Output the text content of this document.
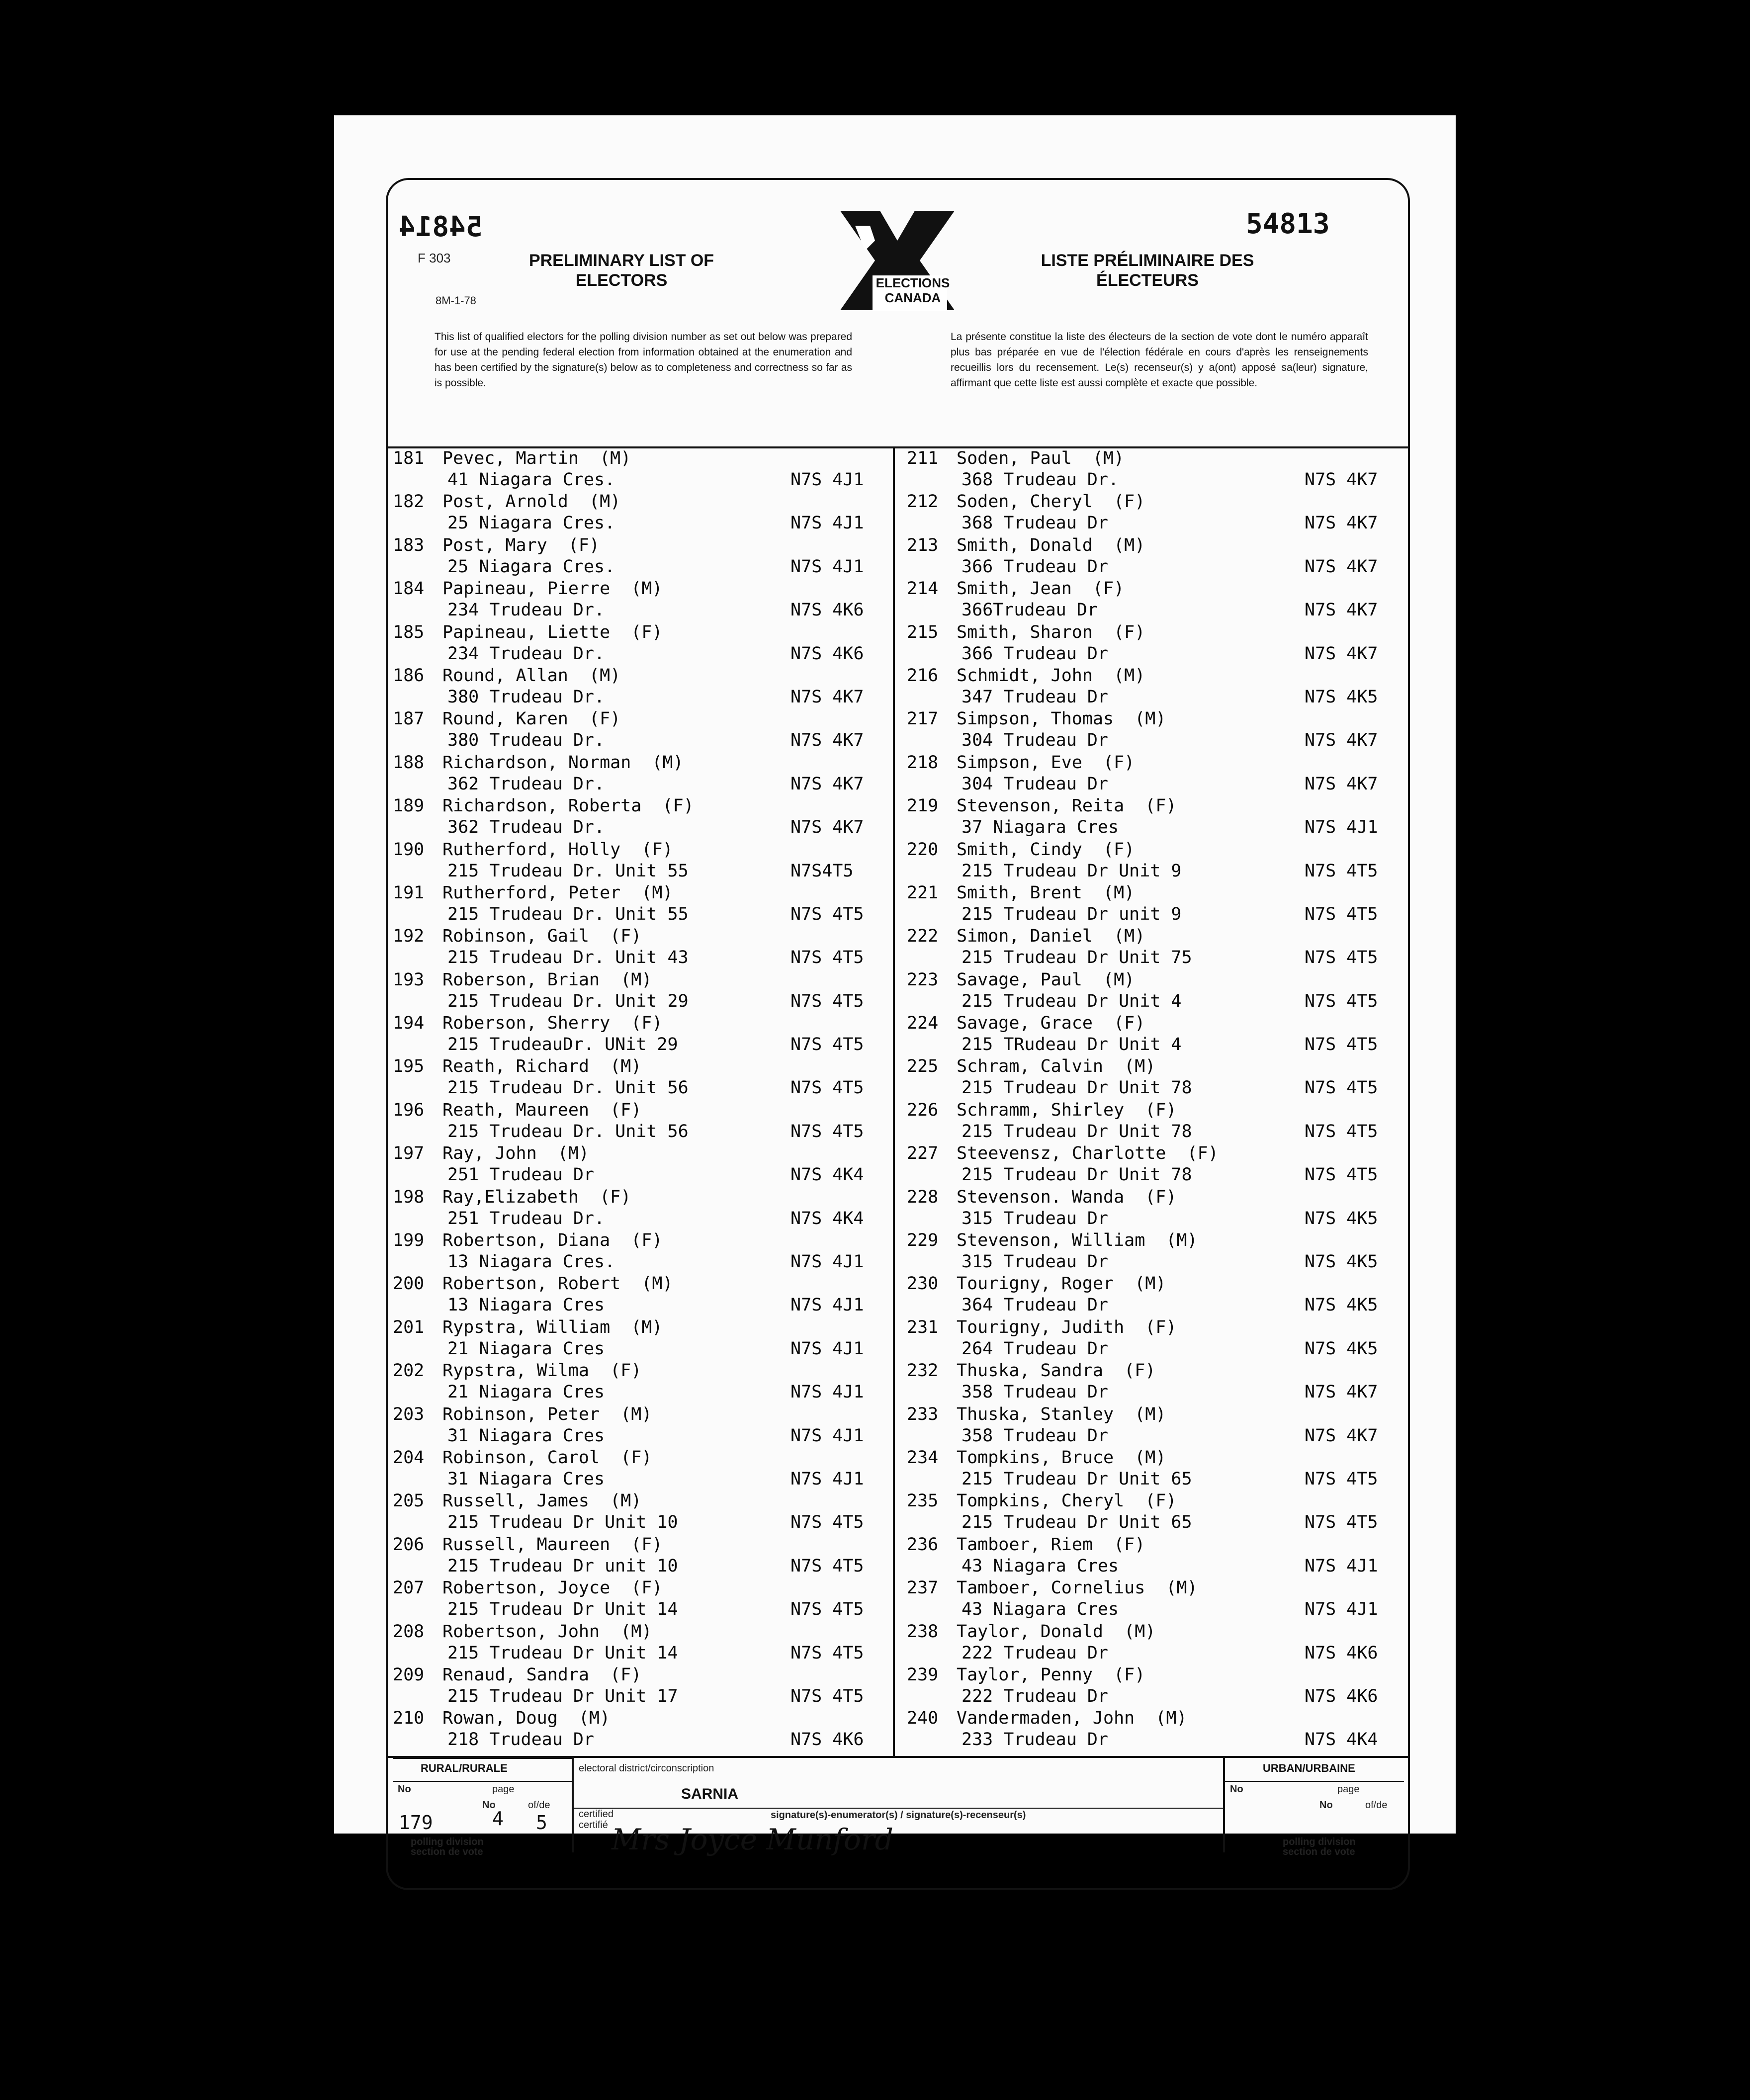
54814
F 303
8M-1-78
PRELIMINARY LIST OF
ELECTORS	ELECTIONS
CANADA
LISTE PRÉLIMINAIRE DES
ÉLECTEURS
54813
This list of qualified electors for the polling division number as set out below was prepared for use at the pending federal election from information obtained at the enumeration and has been certified by the signature(s) below as to completeness and correctness so far as is possible.
La présente constitue la liste des électeurs de la section de vote dont le numéro apparaît plus bas préparée en vue de l'élection fédérale en cours d'après les renseignements recueillis lors du recensement. Le(s) recenseur(s) y a(ont) apposé sa(leur) signature, affirmant que cette liste est aussi complète et exacte que possible.
181 Pevec, Martin  (M)
41 Niagara Cres.	N7S 4J1
182 Post, Arnold  (M)
25 Niagara Cres.	N7S 4J1
183 Post, Mary  (F)
25 Niagara Cres.	N7S 4J1
184 Papineau, Pierre  (M)
234 Trudeau Dr.	N7S 4K6
185 Papineau, Liette  (F)
234 Trudeau Dr.	N7S 4K6
186 Round, Allan  (M)
380 Trudeau Dr.	N7S 4K7
187 Round, Karen  (F)
380 Trudeau Dr.	N7S 4K7
188 Richardson, Norman  (M)
362 Trudeau Dr.	N7S 4K7
189 Richardson, Roberta  (F)
362 Trudeau Dr.	N7S 4K7
190 Rutherford, Holly  (F)
215 Trudeau Dr. Unit 55	N7S4T5
191 Rutherford, Peter  (M)
215 Trudeau Dr. Unit 55	N7S 4T5
192 Robinson, Gail  (F)
215 Trudeau Dr. Unit 43	N7S 4T5
193 Roberson, Brian  (M)
215 Trudeau Dr. Unit 29	N7S 4T5
194 Roberson, Sherry  (F)
215 TrudeauDr. UNit 29	N7S 4T5
195 Reath, Richard  (M)
215 Trudeau Dr. Unit 56	N7S 4T5
196 Reath, Maureen  (F)
215 Trudeau Dr. Unit 56	N7S 4T5
197 Ray, John  (M)
251 Trudeau Dr	N7S 4K4
198 Ray,Elizabeth  (F)
251 Trudeau Dr.	N7S 4K4
199 Robertson, Diana  (F)
13 Niagara Cres.	N7S 4J1
200 Robertson, Robert  (M)
13 Niagara Cres	N7S 4J1
201 Rypstra, William  (M)
21 Niagara Cres	N7S 4J1
202 Rypstra, Wilma  (F)
21 Niagara Cres	N7S 4J1
203 Robinson, Peter  (M)
31 Niagara Cres	N7S 4J1
204 Robinson, Carol  (F)
31 Niagara Cres	N7S 4J1
205 Russell, James  (M)
215 Trudeau Dr Unit 10	N7S 4T5
206 Russell, Maureen  (F)
215 Trudeau Dr unit 10	N7S 4T5
207 Robertson, Joyce  (F)
215 Trudeau Dr Unit 14	N7S 4T5
208 Robertson, John  (M)
215 Trudeau Dr Unit 14	N7S 4T5
209 Renaud, Sandra  (F)
215 Trudeau Dr Unit 17	N7S 4T5
210 Rowan, Doug  (M)
218 Trudeau Dr	N7S 4K6
211 Soden, Paul  (M)
368 Trudeau Dr.	N7S 4K7
212 Soden, Cheryl  (F)
368 Trudeau Dr	N7S 4K7
213 Smith, Donald  (M)
366 Trudeau Dr	N7S 4K7
214 Smith, Jean  (F)
366Trudeau Dr	N7S 4K7
215 Smith, Sharon  (F)
366 Trudeau Dr	N7S 4K7
216 Schmidt, John  (M)
347 Trudeau Dr	N7S 4K5
217 Simpson, Thomas  (M)
304 Trudeau Dr	N7S 4K7
218 Simpson, Eve  (F)
304 Trudeau Dr	N7S 4K7
219 Stevenson, Reita  (F)
37 Niagara Cres	N7S 4J1
220 Smith, Cindy  (F)
215 Trudeau Dr Unit 9	N7S 4T5
221 Smith, Brent  (M)
215 Trudeau Dr unit 9	N7S 4T5
222 Simon, Daniel  (M)
215 Trudeau Dr Unit 75	N7S 4T5
223 Savage, Paul  (M)
215 Trudeau Dr Unit 4	N7S 4T5
224 Savage, Grace  (F)
215 TRudeau Dr Unit 4	N7S 4T5
225 Schram, Calvin  (M)
215 Trudeau Dr Unit 78	N7S 4T5
226 Schramm, Shirley  (F)
215 Trudeau Dr Unit 78	N7S 4T5
227 Steevensz, Charlotte  (F)
215 Trudeau Dr Unit 78	N7S 4T5
228 Stevenson. Wanda  (F)
315 Trudeau Dr	N7S 4K5
229 Stevenson, William  (M)
315 Trudeau Dr	N7S 4K5
230 Tourigny, Roger  (M)
364 Trudeau Dr	N7S 4K5
231 Tourigny, Judith  (F)
264 Trudeau Dr	N7S 4K5
232 Thuska, Sandra  (F)
358 Trudeau Dr	N7S 4K7
233 Thuska, Stanley  (M)
358 Trudeau Dr	N7S 4K7
234 Tompkins, Bruce  (M)
215 Trudeau Dr Unit 65	N7S 4T5
235 Tompkins, Cheryl  (F)
215 Trudeau Dr Unit 65	N7S 4T5
236 Tamboer, Riem  (F)
43 Niagara Cres	N7S 4J1
237 Tamboer, Cornelius  (M)
43 Niagara Cres	N7S 4J1
238 Taylor, Donald  (M)
222 Trudeau Dr	N7S 4K6
239 Taylor, Penny  (F)
222 Trudeau Dr	N7S 4K6
240 Vandermaden, John  (M)
233 Trudeau Dr	N7S 4K4
RURAL/RURALE	electoral district/circonscription
SARNIA
URBAN/URBAINE
No	page
No	of/de
179	4 5
polling division
section de vote
certified
certifié
signature(s)-enumerator(s) / signature(s)-recenseur(s)
Mrs Joyce Munford
No	page
No	of/de
polling division
section de vote
